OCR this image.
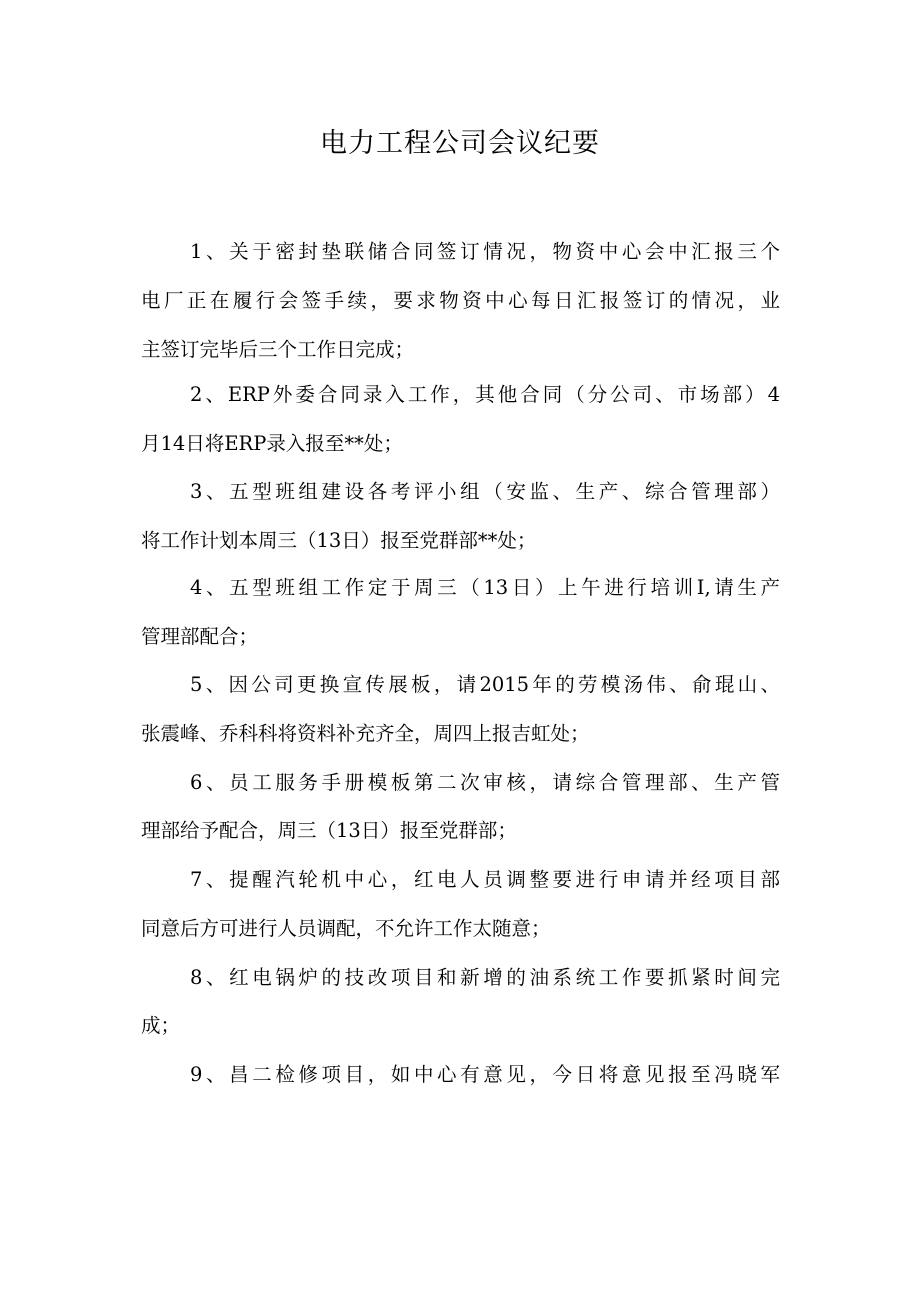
电力工程公司会议纪要
1、关于密封垫联储合同签订情况，物资中心会中汇报三个
电厂正在履行会签手续，要求物资中心每日汇报签订的情况，业
主签订完毕后三个工作日完成；
2、ERP外委合同录入工作，其他合同（分公司、市场部）4
月14日将ERP录入报至**处；
3、五型班组建设各考评小组（安监、生产、综合管理部）
将工作计划本周三（13日）报至党群部**处；
4、五型班组工作定于周三（13日）上午进行培训I,请生产
管理部配合；
5、因公司更换宣传展板，请2015年的劳模汤伟、俞琨山、
张震峰、乔科科将资料补充齐全，周四上报吉虹处；
6、员工服务手册模板第二次审核，请综合管理部、生产管
理部给予配合，周三（13日）报至党群部；
7、提醒汽轮机中心，红电人员调整要进行申请并经项目部
同意后方可进行人员调配，不允许工作太随意；
8、红电锅炉的技改项目和新增的油系统工作要抓紧时间完
成；
9、昌二检修项目，如中心有意见，今日将意见报至冯晓军
